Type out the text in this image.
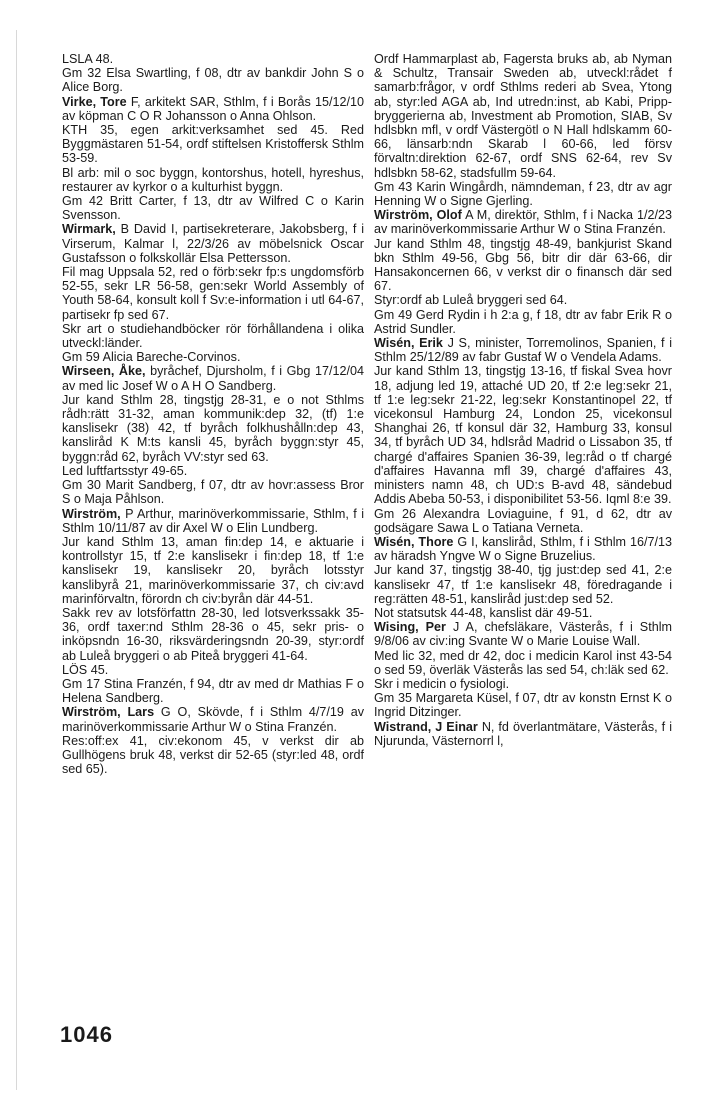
LSLA 48.

Gm 32 Elsa Swartling, f 08, dtr av bankdir John S o Alice Borg.

Virke, Tore F, arkitekt SAR, Sthlm, f i Borås 15/12/10 av köpman C O R Johansson o Anna Ohlson.

KTH 35, egen arkit:verksamhet sed 45. Red Byggmästaren 51-54, ordf stiftelsen Kristoffersk Sthlm 53-59.

Bl arb: mil o soc byggn, kontorshus, hotell, hyreshus, restaurer av kyrkor o a kulturhist byggn.

Gm 42 Britt Carter, f 13, dtr av Wilfred C o Karin Svensson.

Wirmark, B David I, partisekreterare, Jakobsberg, f i Virserum, Kalmar l, 22/3/26 av möbelsnick Oscar Gustafsson o folkskollär Elsa Pettersson.

Fil mag Uppsala 52, red o förb:sekr fp:s ungdomsförb 52-55, sekr LR 56-58, gen:sekr World Assembly of Youth 58-64, konsult koll f Sv:e-information i utl 64-67, partisekr fp sed 67.

Skr art o studiehandböcker rör förhållandena i olika utveckl:länder.

Gm 59 Alicia Bareche-Corvinos.

Wirseen, Åke, byråchef, Djursholm, f i Gbg 17/12/04 av med lic Josef W o A H O Sandberg.

Jur kand Sthlm 28, tingstjg 28-31, e o not Sthlms rådh:rätt 31-32, aman kommunik:dep 32, (tf) 1:e kanslisekr (38) 42, tf byråch folkhushålln:dep 43, kanslіråd K M:ts kansli 45, byråch byggn:styr 45, byggn:råd 62, byråch VV:styr sed 63.

Led luftfartsstyr 49-65.

Gm 30 Marit Sandberg, f 07, dtr av hovr:assess Bror S o Maja Påhlson.

Wirström, P Arthur, marinöverkommissarie, Sthlm, f i Sthlm 10/11/87 av dir Axel W o Elin Lundberg.

Jur kand Sthlm 13, aman fin:dep 14, e aktuarie i kontrollstyr 15, tf 2:e kanslisekr i fin:dep 18, tf 1:e kanslisekr 19, kanslisekr 20, byråch lotsstyr kanslibyrå 21, marinöverkommissarie 37, ch civ:avd marinförvaltn, förordn ch civ:byrån där 44-51.

Sakk rev av lotsförfattn 28-30, led lotsverkssakk 35-36, ordf taxer:nd Sthlm 28-36 o 45, sekr pris- o inköpsndn 16-30, riksvärderingsndn 20-39, styr:ordf ab Luleå bryggeri o ab Piteå bryggeri 41-64.

LÖS 45.

Gm 17 Stina Franzén, f 94, dtr av med dr Mathias F o Helena Sandberg.

Wirström, Lars G O, Skövde, f i Sthlm 4/7/19 av marinöverkommissarie Arthur W o Stina Franzén.

Res:off:ex 41, civ:ekonom 45, v verkst dir ab Gullhögens bruk 48, verkst dir 52-65 (styr:led 48, ordf sed 65).

Ordf Hammarplast ab, Fagersta bruks ab, ab Nyman & Schultz, Transair Sweden ab, utveckl:rådet f samarb:frågor, v ordf Sthlms rederi ab Svea, Ytong ab, styr:led AGA ab, Ind utredn:inst, ab Kabi, Pripp-bryggerierna ab, Investment ab Promotion, SIAB, Sv hdlsbkn mfl, v ordf Västergötl o N Hall hdlskamm 60-66, länsarb:ndn Skarab l 60-66, led försv förvaltn:direktion 62-67, ordf SNS 62-64, rev Sv hdlsbkn 58-62, stadsfullm 59-64.

Gm 43 Karin Wingårdh, nämndeman, f 23, dtr av agr Henning W o Signe Gjerling.

Wirström, Olof A M, direktör, Sthlm, f i Nacka 1/2/23 av marinöverkommissarie Arthur W o Stina Franzén.

Jur kand Sthlm 48, tingstjg 48-49, bankjurist Skand bkn Sthlm 49-56, Gbg 56, bitr dir där 63-66, dir Hansakoncernen 66, v verkst dir o finansch där sed 67.

Styr:ordf ab Luleå bryggeri sed 64.

Gm 49 Gerd Rydin i h 2:a g, f 18, dtr av fabr Erik R o Astrid Sundler.

Wisén, Erik J S, minister, Torremolinos, Spanien, f i Sthlm 25/12/89 av fabr Gustaf W o Vendela Adams.

Jur kand Sthlm 13, tingstjg 13-16, tf fiskal Svea hovr 18, adjung led 19, attaché UD 20, tf 2:e leg:sekr 21, tf 1:e leg:sekr 21-22, leg:sekr Konstantinopel 22, tf vicekonsul Hamburg 24, London 25, vicekonsul Shanghai 26, tf konsul där 32, Hamburg 33, konsul 34, tf byråch UD 34, hdlsråd Madrid o Lissabon 35, tf chargé d'affaires Spanien 36-39, leg:råd o tf chargé d'affaires Havanna mfl 39, chargé d'affaires 43, ministers namn 48, ch UD:s B-avd 48, sändebud Addis Abeba 50-53, i disponibilitet 53-56. Iqml 8:e 39.

Gm 26 Alexandra Loviaguine, f 91, d 62, dtr av godsägare Sawa L o Tatiana Verneta.

Wisén, Thore G I, kanslіråd, Sthlm, f i Sthlm 16/7/13 av häradsh Yngve W o Signe Bruzelius.

Jur kand 37, tingstjg 38-40, tjg just:dep sed 41, 2:e kanslisekr 47, tf 1:e kanslisekr 48, föredragande i reg:rätten 48-51, kanslіråd just:dep sed 52.

Not statsutsk 44-48, kanslist där 49-51.

Wising, Per J A, chefsläkare, Västerås, f i Sthlm 9/8/06 av civ:ing Svante W o Marie Louise Wall.

Med lic 32, med dr 42, doc i medicin Karol inst 43-54 o sed 59, överläk Västerås las sed 54, ch:läk sed 62.

Skr i medicin o fysiologi.

Gm 35 Margareta Küsel, f 07, dtr av konstn Ernst K o Ingrid Ditzinger.

Wistrand, J Einar N, fd överlantmätare, Västerås, f i Njurunda, Västernorrl l,

1046
